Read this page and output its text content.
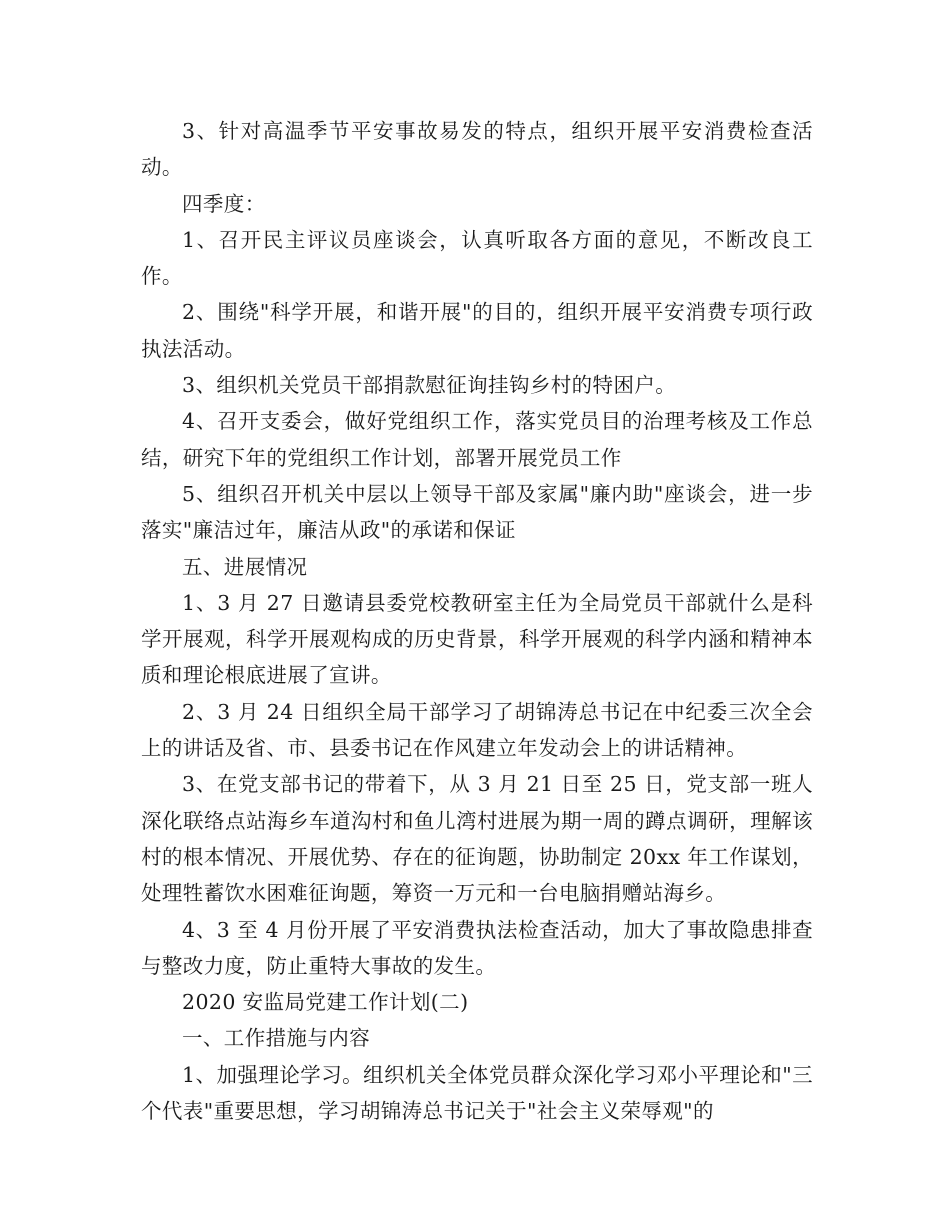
3、针对高温季节平安事故易发的特点，组织开展平安消费检查活动。

四季度：

1、召开民主评议员座谈会，认真听取各方面的意见，不断改良工作。

2、围绕"科学开展，和谐开展"的目的，组织开展平安消费专项行政执法活动。

3、组织机关党员干部捐款慰征询挂钩乡村的特困户。

4、召开支委会，做好党组织工作，落实党员目的治理考核及工作总结，研究下年的党组织工作计划，部署开展党员工作

5、组织召开机关中层以上领导干部及家属"廉内助"座谈会，进一步落实"廉洁过年，廉洁从政"的承诺和保证

五、进展情况

1、3 月 27 日邀请县委党校教研室主任为全局党员干部就什么是科学开展观，科学开展观构成的历史背景，科学开展观的科学内涵和精神本质和理论根底进展了宣讲。

2、3 月 24 日组织全局干部学习了胡锦涛总书记在中纪委三次全会上的讲话及省、市、县委书记在作风建立年发动会上的讲话精神。

3、在党支部书记的带着下，从 3 月 21 日至 25 日，党支部一班人深化联络点站海乡车道沟村和鱼儿湾村进展为期一周的蹲点调研，理解该村的根本情况、开展优势、存在的征询题，协助制定 20xx 年工作谋划，处理牲蓄饮水困难征询题，筹资一万元和一台电脑捐赠站海乡。

4、3 至 4 月份开展了平安消费执法检查活动，加大了事故隐患排查与整改力度，防止重特大事故的发生。

2020 安监局党建工作计划(二)

一、工作措施与内容

1、加强理论学习。组织机关全体党员群众深化学习邓小平理论和"三个代表"重要思想，学习胡锦涛总书记关于"社会主义荣辱观"的
